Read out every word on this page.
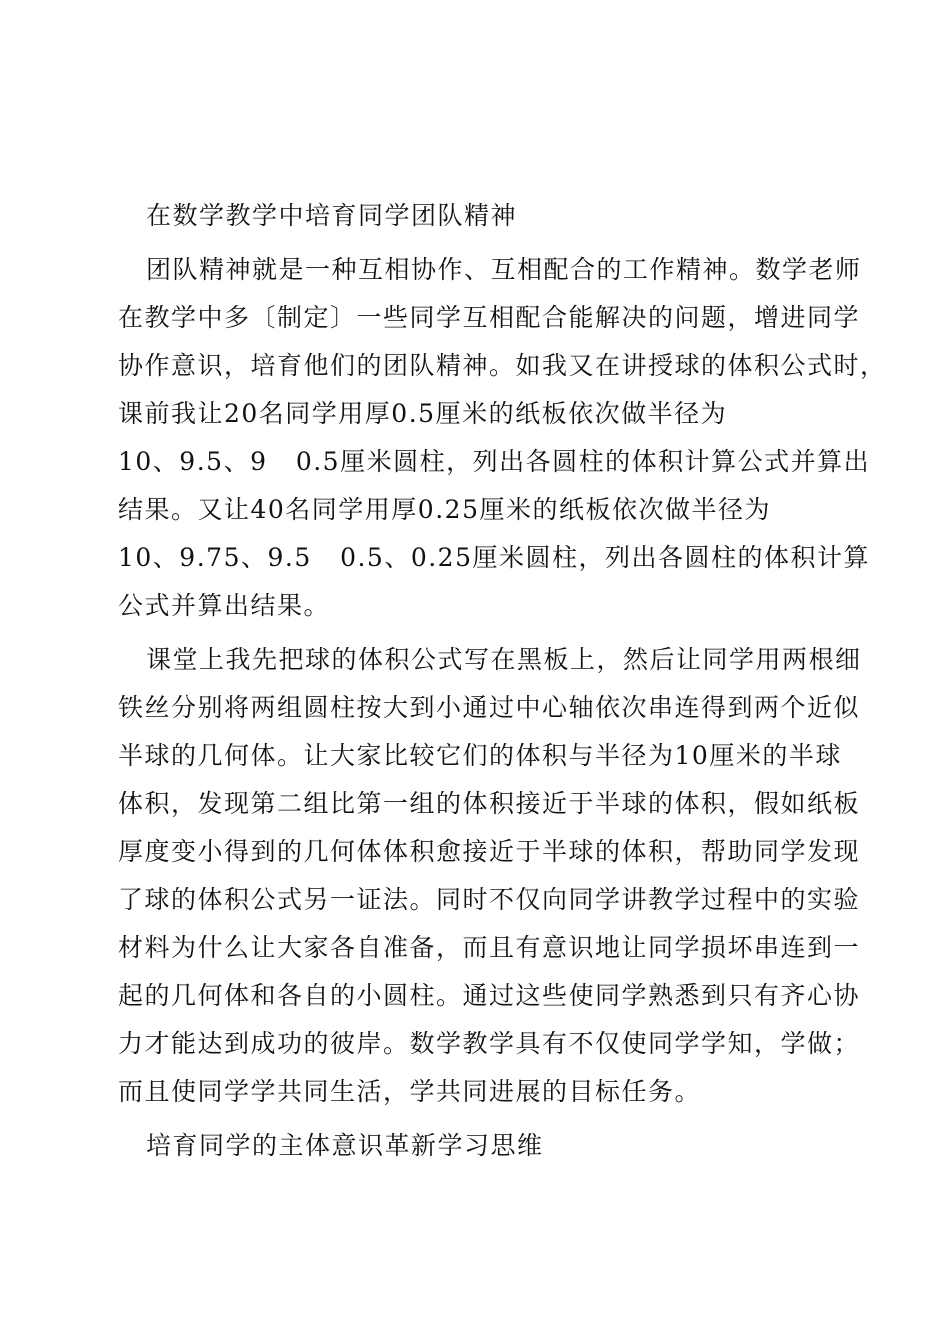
在数学教学中培育同学团队精神
团队精神就是一种互相协作、互相配合的工作精神。数学老师
在教学中多〔制定〕一些同学互相配合能解决的问题，增进同学
协作意识，培育他们的团队精神。如我又在讲授球的体积公式时，
课前我让20名同学用厚0.5厘米的纸板依次做半径为
10、9.5、9   0.5厘米圆柱，列出各圆柱的体积计算公式并算出
结果。又让40名同学用厚0.25厘米的纸板依次做半径为
10、9.75、9.5   0.5、0.25厘米圆柱，列出各圆柱的体积计算
公式并算出结果。
课堂上我先把球的体积公式写在黑板上，然后让同学用两根细
铁丝分别将两组圆柱按大到小通过中心轴依次串连得到两个近似
半球的几何体。让大家比较它们的体积与半径为10厘米的半球
体积，发现第二组比第一组的体积接近于半球的体积，假如纸板
厚度变小得到的几何体体积愈接近于半球的体积，帮助同学发现
了球的体积公式另一证法。同时不仅向同学讲教学过程中的实验
材料为什么让大家各自准备，而且有意识地让同学损坏串连到一
起的几何体和各自的小圆柱。通过这些使同学熟悉到只有齐心协
力才能达到成功的彼岸。数学教学具有不仅使同学学知，学做；
而且使同学学共同生活，学共同进展的目标任务。
培育同学的主体意识革新学习思维
